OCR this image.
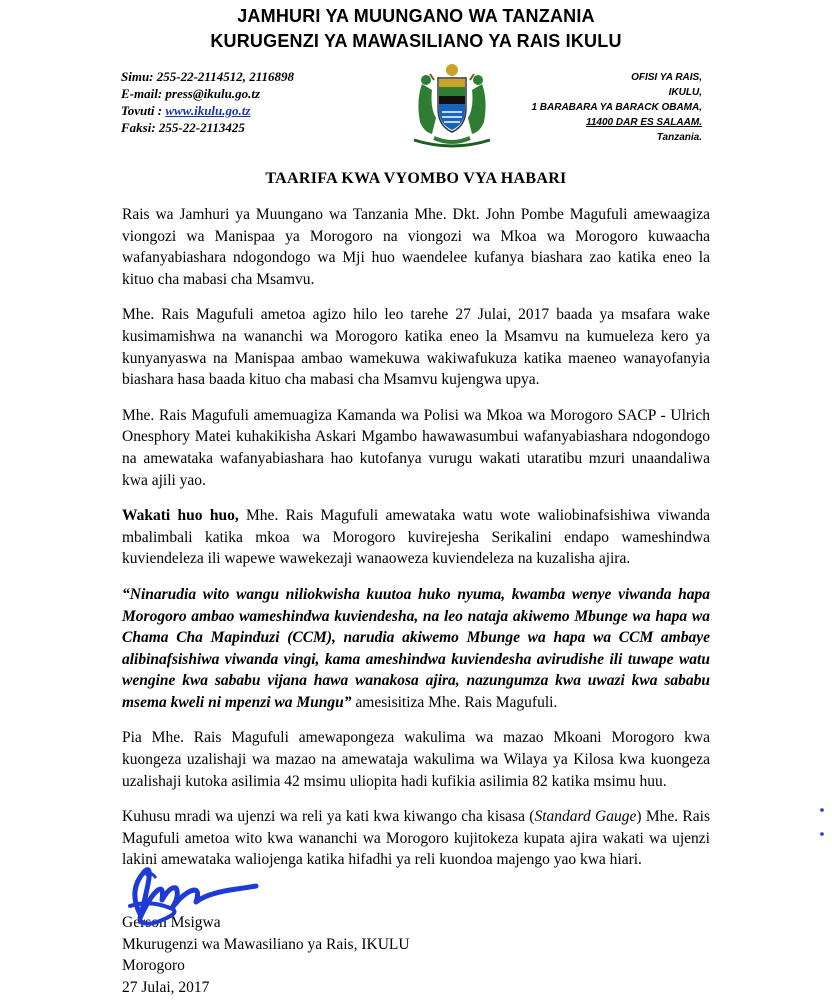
JAMHURI YA MUUNGANO WA TANZANIA
KURUGENZI YA MAWASILIANO YA RAIS IKULU
Simu: 255-22-2114512, 2116898
E-mail: press@ikulu.go.tz
Tovuti : www.ikulu.go.tz
Faksi: 255-22-2113425
OFISI YA RAIS,
IKULU,
1 BARABARA YA BARACK OBAMA,
11400 DAR ES SALAAM.
Tanzania.
TAARIFA KWA VYOMBO VYA HABARI

Rais wa Jamhuri ya Muungano wa Tanzania Mhe. Dkt. John Pombe Magufuli amewaagiza viongozi wa Manispaa ya Morogoro na viongozi wa Mkoa wa Morogoro kuwaacha wafanyabiashara ndogondogo wa Mji huo waendelee kufanya biashara zao katika eneo la kituo cha mabasi cha Msamvu.

Mhe. Rais Magufuli ametoa agizo hilo leo tarehe 27 Julai, 2017 baada ya msafara wake kusimamishwa na wananchi wa Morogoro katika eneo la Msamvu na kumueleza kero ya kunyanyaswa na Manispaa ambao wamekuwa wakiwafukuza katika maeneo wanayofanyia biashara hasa baada kituo cha mabasi cha Msamvu kujengwa upya.

Mhe. Rais Magufuli amemuagiza Kamanda wa Polisi wa Mkoa wa Morogoro SACP - Ulrich Onesphory Matei kuhakikisha Askari Mgambo hawawasumbui wafanyabiashara ndogondogo na amewataka wafanyabiashara hao kutofanya vurugu wakati utaratibu mzuri unaandaliwa kwa ajili yao.

Wakati huo huo, Mhe. Rais Magufuli amewataka watu wote waliobinafsishiwa viwanda mbalimbali katika mkoa wa Morogoro kuvirejesha Serikalini endapo wameshindwa kuviendeleza ili wapewe wawekezaji wanaoweza kuviendeleza na kuzalisha ajira.

“Ninarudia wito wangu niliokwisha kuutoa huko nyuma, kwamba wenye viwanda hapa Morogoro ambao wameshindwa kuviendesha, na leo nataja akiwemo Mbunge wa hapa wa Chama Cha Mapinduzi (CCM), narudia akiwemo Mbunge wa hapa wa CCM ambaye alibinafsishiwa viwanda vingi, kama ameshindwa kuviendesha avirudishe ili tuwape watu wengine kwa sababu vijana hawa wanakosa ajira, nazungumza kwa uwazi kwa sababu msema kweli ni mpenzi wa Mungu” amesisitiza Mhe. Rais Magufuli.

Pia Mhe. Rais Magufuli amewapongeza wakulima wa mazao Mkoani Morogoro kwa kuongeza uzalishaji wa mazao na amewataja wakulima wa Wilaya ya Kilosa kwa kuongeza uzalishaji kutoka asilimia 42 msimu uliopita hadi kufikia asilimia 82 katika msimu huu.

Kuhusu mradi wa ujenzi wa reli ya kati kwa kiwango cha kisasa (Standard Gauge) Mhe. Rais Magufuli ametoa wito kwa wananchi wa Morogoro kujitokeza kupata ajira wakati wa ujenzi lakini amewataka waliojenga katika hifadhi ya reli kuondoa majengo yao kwa hiari.

Gerson Msigwa
Mkurugenzi wa Mawasiliano ya Rais, IKULU
Morogoro
27 Julai, 2017
